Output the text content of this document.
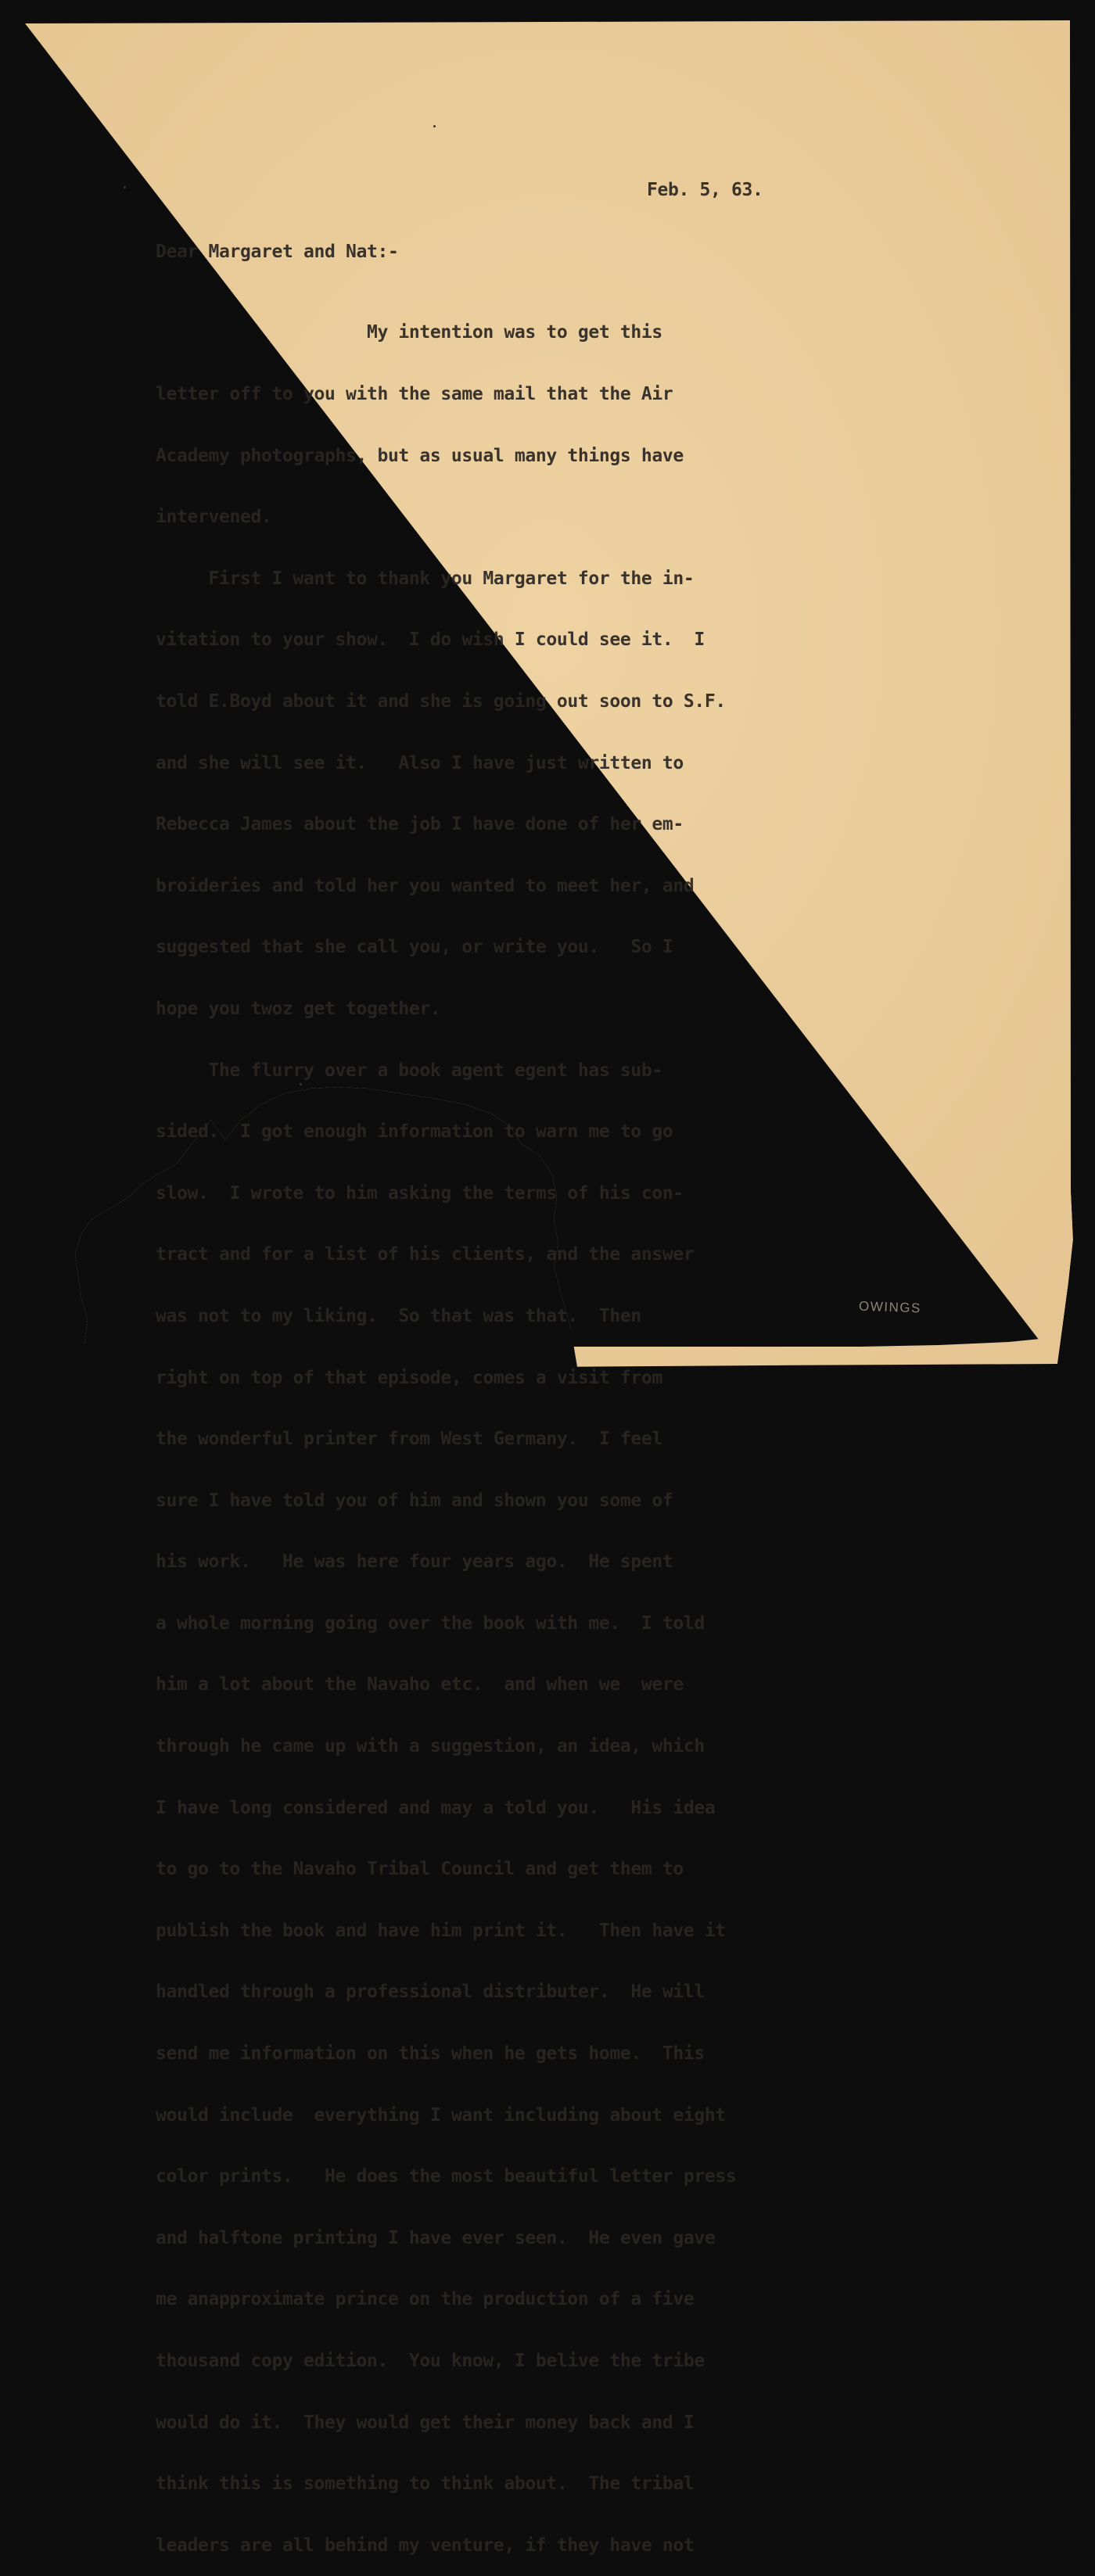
Feb. 5, 63.
Dear Margaret and Nat:-

My intention was to get this

letter off to you with the same mail that the Air

Academy photographs, but as usual many things have

intervened.

First I want to thank you Margaret for the in-

vitation to your show.  I do wish I could see it.  I

told E.Boyd about it and she is going out soon to S.F.

and she will see it.   Also I have just written to

Rebecca James about the job I have done of her em-

broideries and told her you wanted to meet her, and

suggested that she call you, or write you.   So I

hope you twoz get together.

The flurry over a book agent egent has sub-

sided.  I got enough information to warn me to go

slow.  I wrote to him asking the terms of his con-

tract and for a list of his clients, and the answer

was not to my liking.  So that was that.  Then

right on top of that episode, comes a visit from

the wonderful printer from West Germany.  I feel

sure I have told you of him and shown you some of

his work.   He was here four years ago.  He spent

a whole morning going over the book with me.  I told

him a lot about the Navaho etc.  and when we  were

through he came up with a suggestion, an idea, which

I have long considered and may a told you.   His idea

to go to the Navaho Tribal Council and get them to

publish the book and have him print it.   Then have it

handled through a professional distributer.  He will

send me information on this when he gets home.  This

would include  everything I want including about eight

color prints.   He does the most beautiful letter press

and halftone printing I have ever seen.  He even gave

me anapproximate prince on the production of a five

thousand copy edition.  You know, I belive the tribe

would do it.  They would get their money back and I

think this is something to think about.  The tribal

leaders are all behind my venture, if they have not

OWINGS
